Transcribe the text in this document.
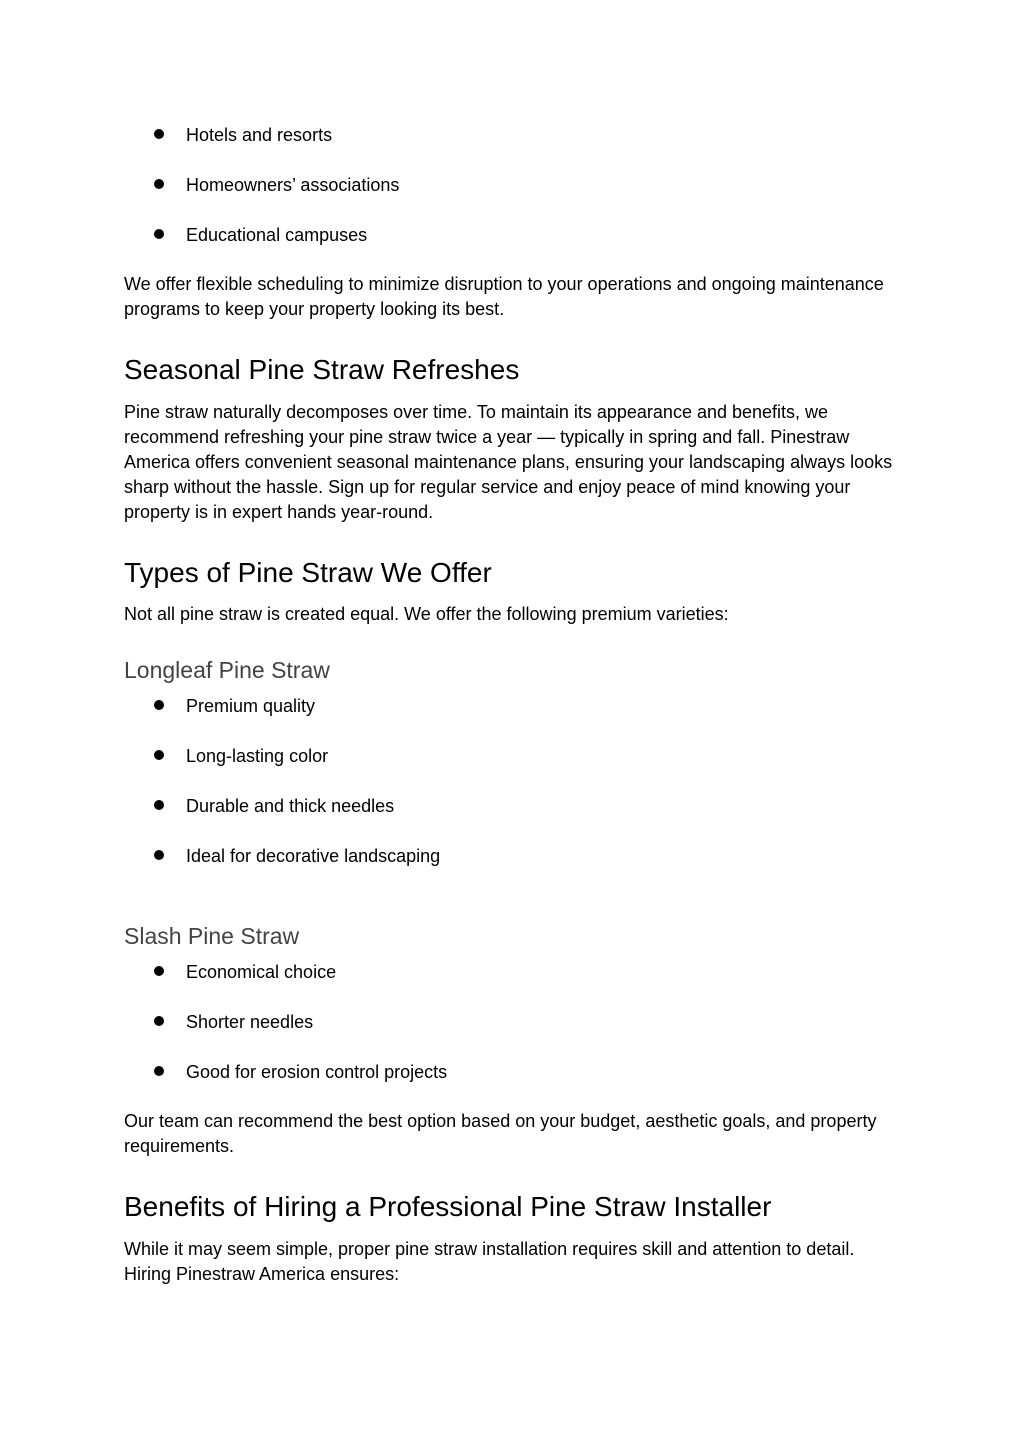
Hotels and resorts
Homeowners’ associations
Educational campuses

We offer flexible scheduling to minimize disruption to your operations and ongoing maintenance programs to keep your property looking its best.

Seasonal Pine Straw Refreshes

Pine straw naturally decomposes over time. To maintain its appearance and benefits, we recommend refreshing your pine straw twice a year — typically in spring and fall. Pinestraw America offers convenient seasonal maintenance plans, ensuring your landscaping always looks sharp without the hassle. Sign up for regular service and enjoy peace of mind knowing your property is in expert hands year-round.

Types of Pine Straw We Offer

Not all pine straw is created equal. We offer the following premium varieties:

Longleaf Pine Straw
Premium quality
Long-lasting color
Durable and thick needles
Ideal for decorative landscaping
Slash Pine Straw
Economical choice
Shorter needles
Good for erosion control projects

Our team can recommend the best option based on your budget, aesthetic goals, and property requirements.

Benefits of Hiring a Professional Pine Straw Installer

While it may seem simple, proper pine straw installation requires skill and attention to detail. Hiring Pinestraw America ensures:
